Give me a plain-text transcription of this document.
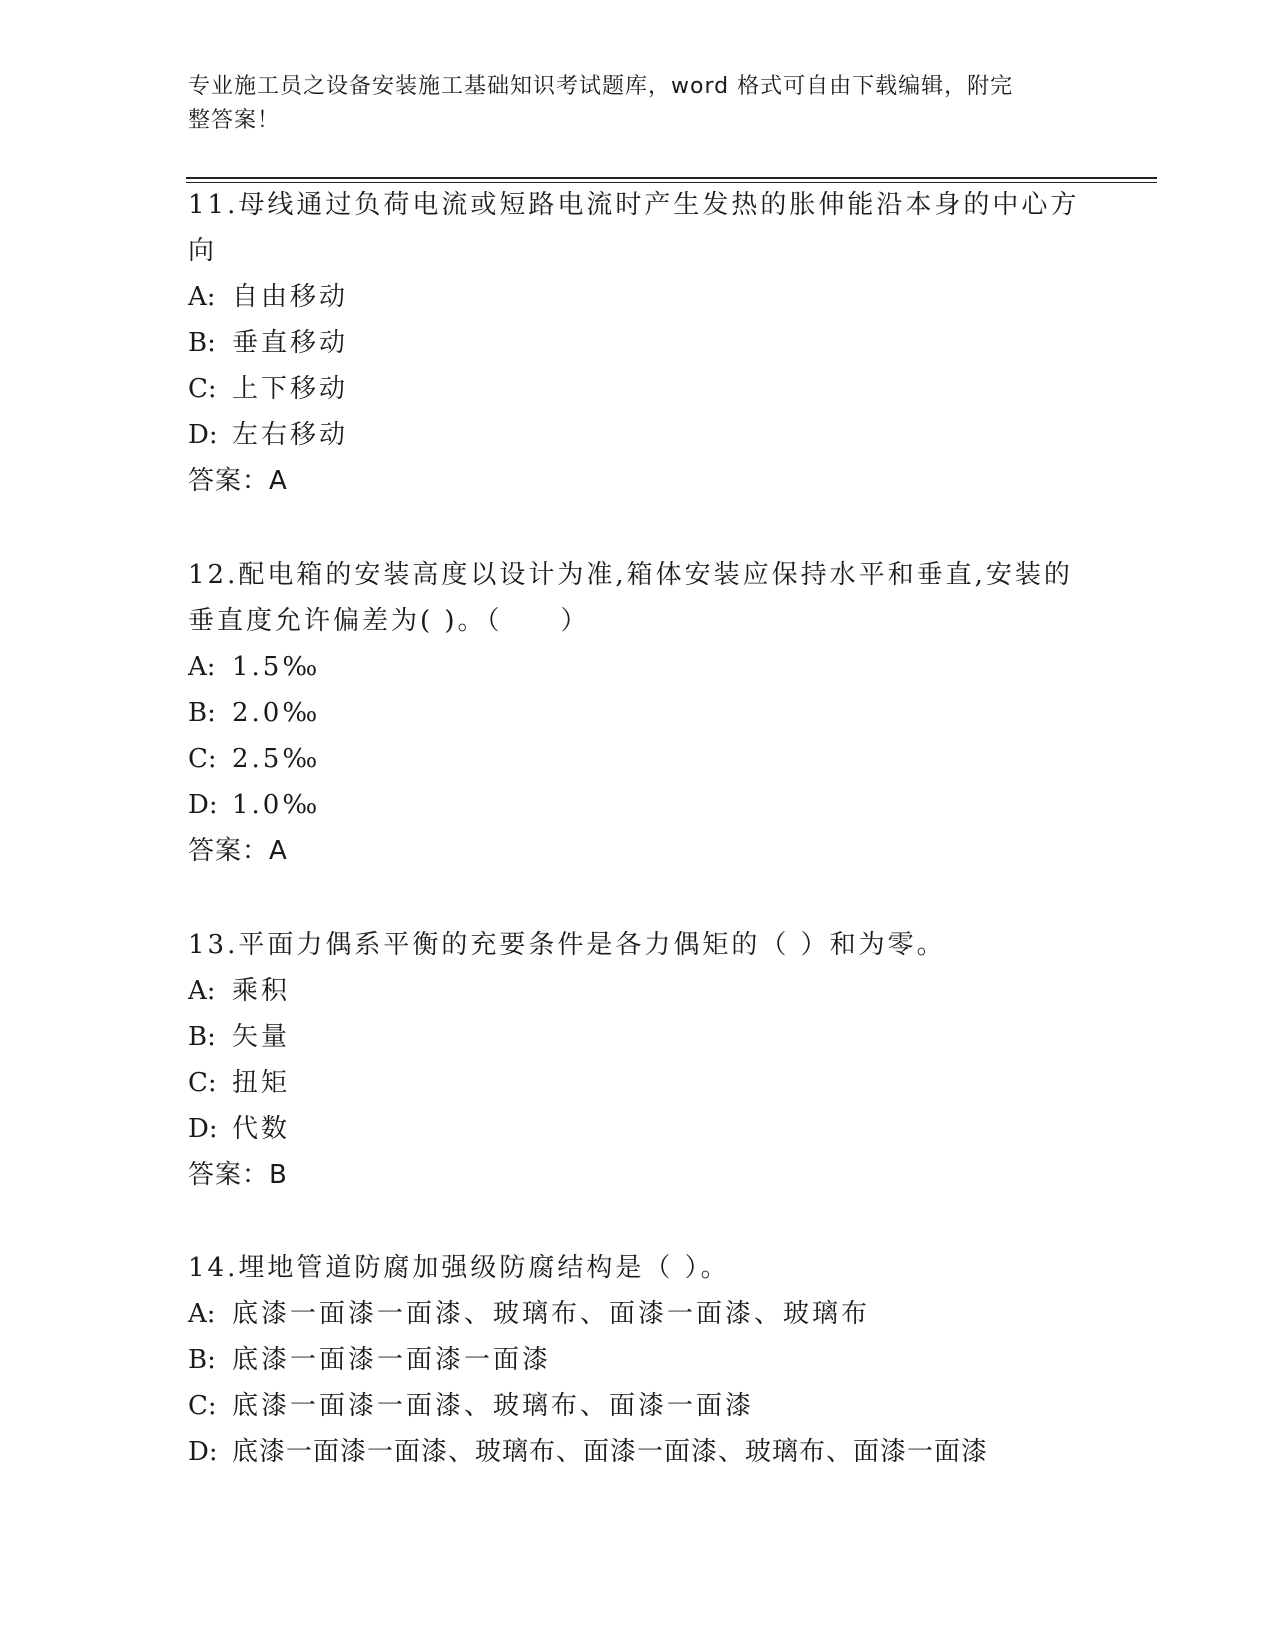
专业施工员之设备安装施工基础知识考试题库，word 格式可自由下载编辑，附完
整答案！
11.母线通过负荷电流或短路电流时产生发热的胀伸能沿本身的中心方向
A: 自由移动
B: 垂直移动
C: 上下移动
D: 左右移动
答案：A
12.配电箱的安装高度以设计为准,箱体安装应保持水平和垂直,安装的垂直度允许偏差为( )。（　　）
A: 1.5‰
B: 2.0‰
C: 2.5‰
D: 1.0‰
答案：A
13.平面力偶系平衡的充要条件是各力偶矩的（ ）和为零。
A: 乘积
B: 矢量
C: 扭矩
D: 代数
答案：B
14.埋地管道防腐加强级防腐结构是（ ）。
A: 底漆一面漆一面漆、玻璃布、面漆一面漆、玻璃布
B: 底漆一面漆一面漆一面漆
C: 底漆一面漆一面漆、玻璃布、面漆一面漆
D: 底漆一面漆一面漆、玻璃布、面漆一面漆、玻璃布、面漆一面漆
